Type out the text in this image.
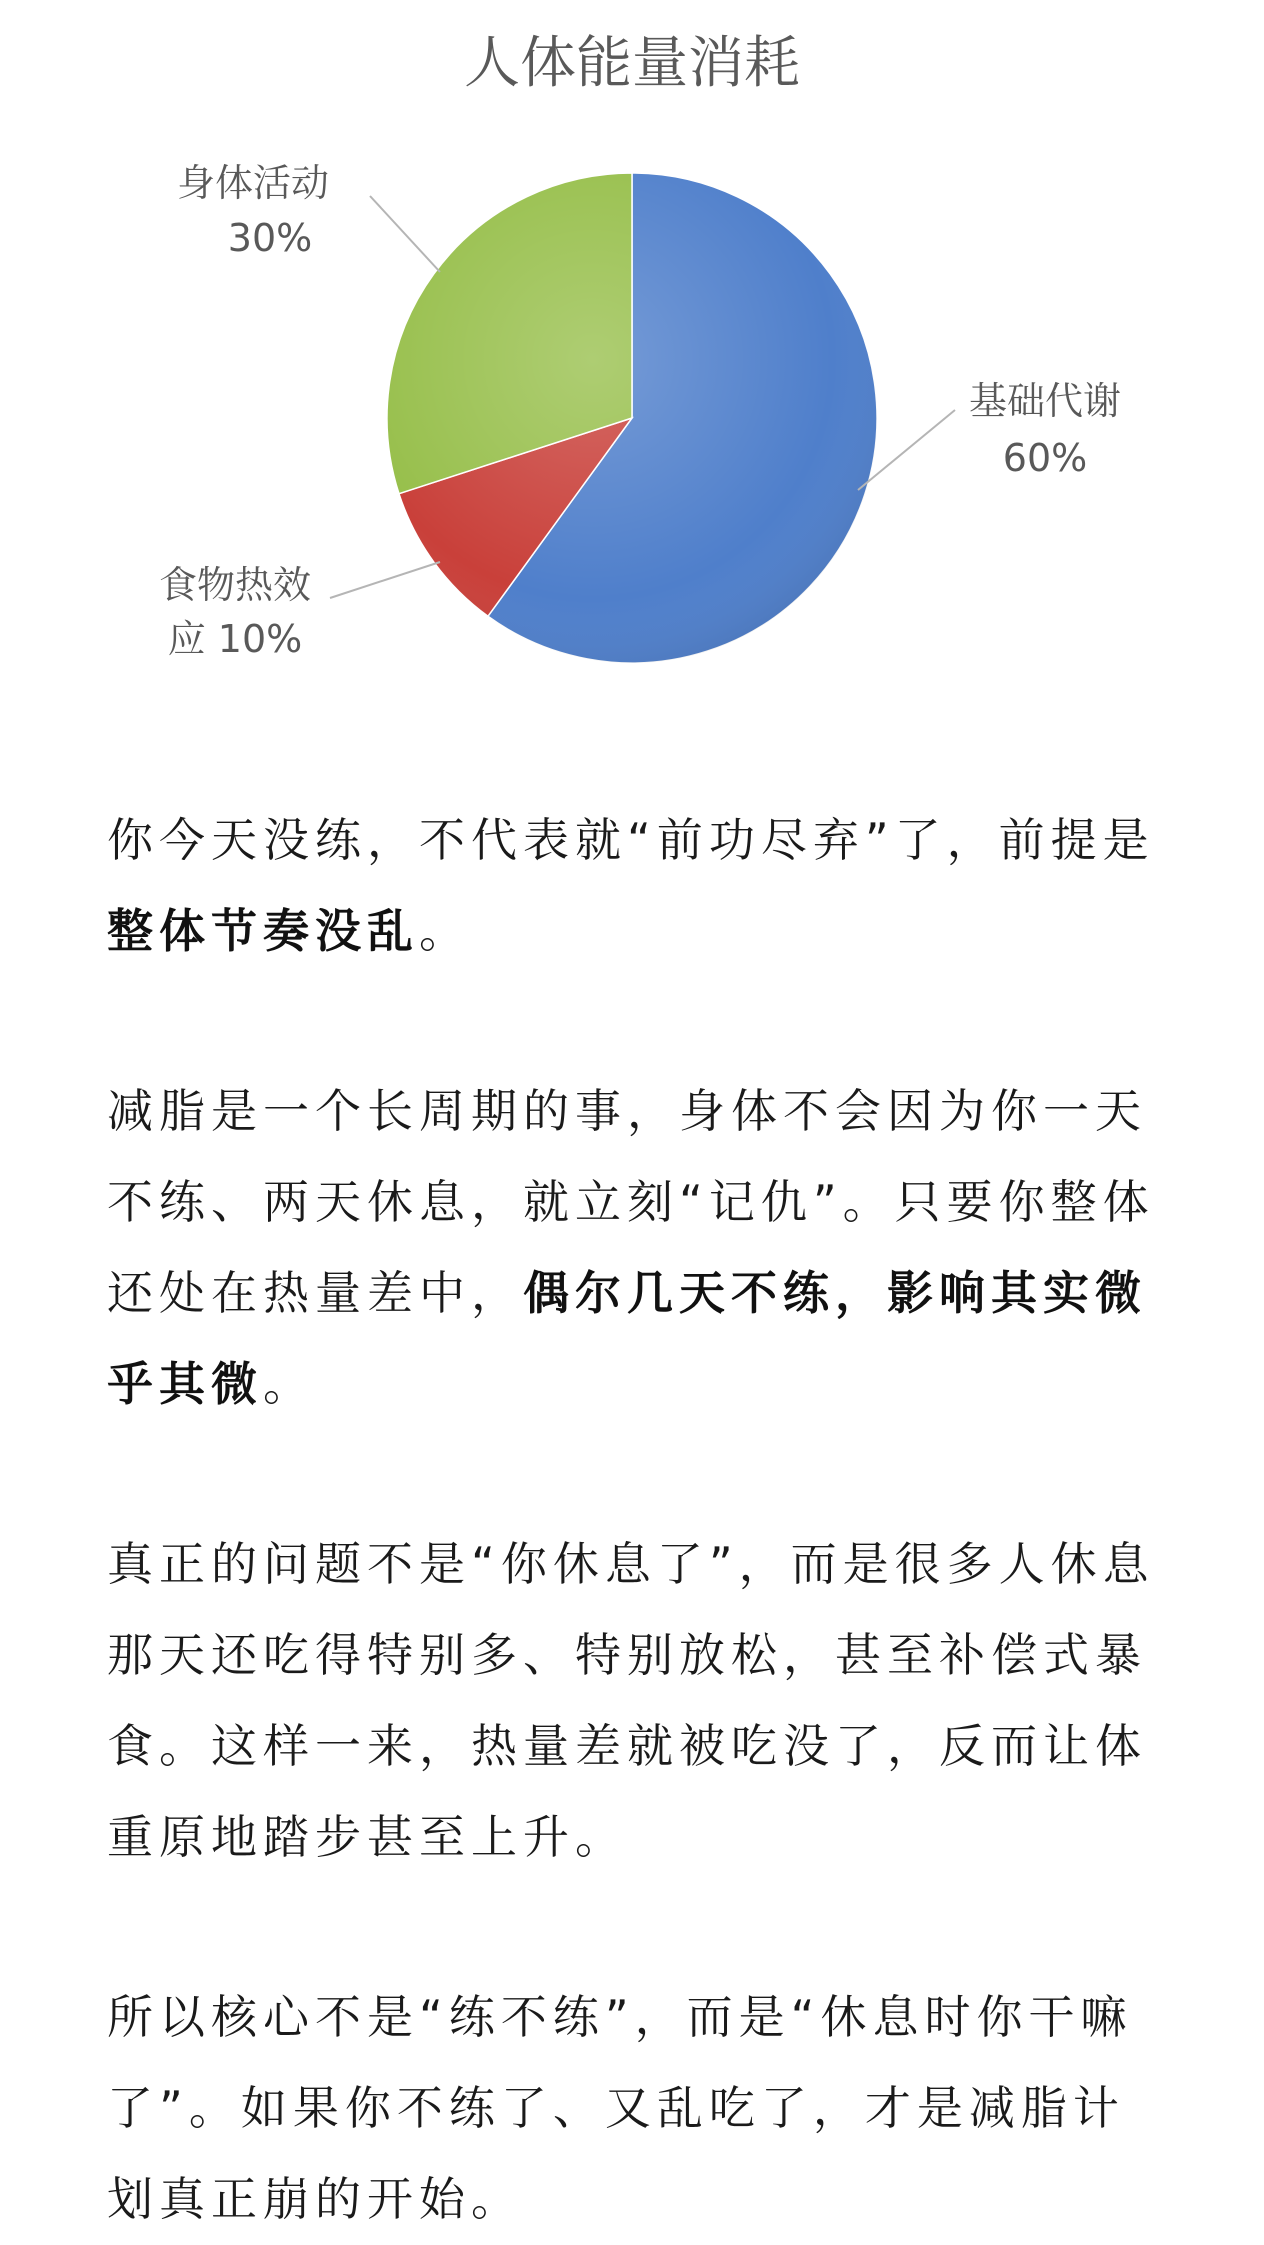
人体能量消耗
基础代谢
60%
食物热效
应 10%
身体活动
30%

你今天没练，不代表就“前功尽弃”了，前提是整体节奏没乱。

减脂是一个长周期的事，身体不会因为你一天不练、两天休息，就立刻“记仇”。只要你整体还处在热量差中，偶尔几天不练，影响其实微乎其微。

真正的问题不是“你休息了”，而是很多人休息那天还吃得特别多、特别放松，甚至补偿式暴食。这样一来，热量差就被吃没了，反而让体重原地踏步甚至上升。

所以核心不是“练不练”，而是“休息时你干嘛了”。如果你不练了、又乱吃了，才是减脂计划真正崩的开始。
